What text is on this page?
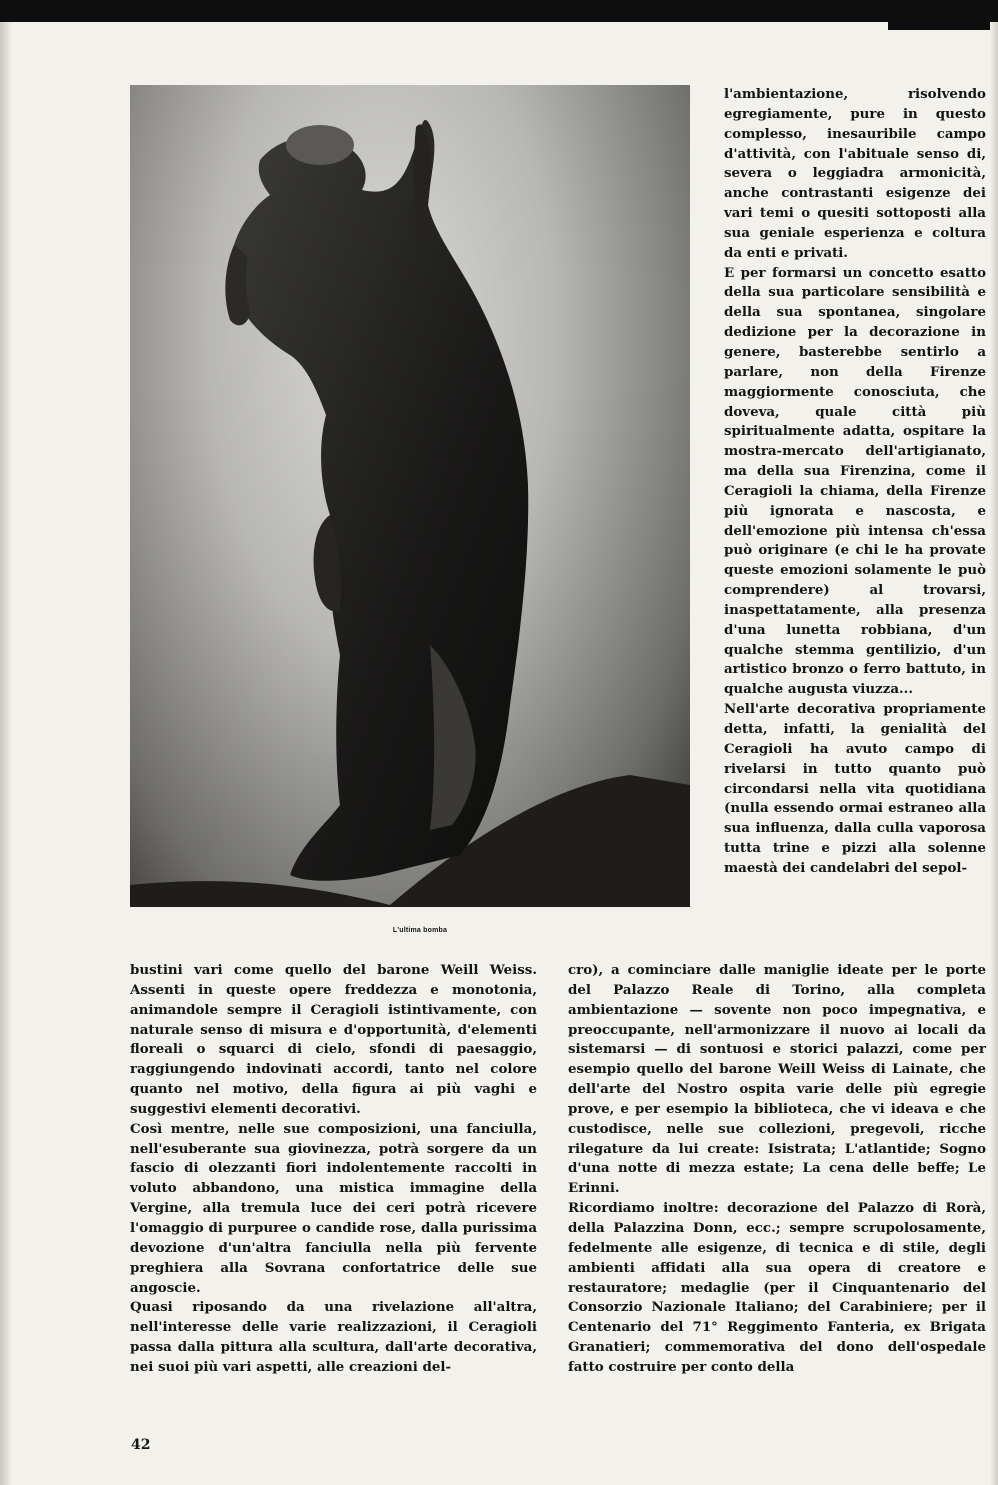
L'ultima bomba

l'ambientazione, risolvendo egregiamente, pure in questo complesso, inesauribile campo d'attività, con l'abituale senso di, severa o leggiadra armonicità, anche contrastanti esigenze dei vari temi o quesiti sottoposti alla sua geniale esperienza e coltura da enti e privati.

E per formarsi un concetto esatto della sua particolare sensibilità e della sua spontanea, singolare dedizione per la decorazione in genere, basterebbe sentirlo a parlare, non della Firenze maggiormente conosciuta, che doveva, quale città più spiritualmente adatta, ospitare la mostra-mercato dell'artigianato, ma della sua Firenzina, come il Ceragioli la chiama, della Firenze più ignorata e nascosta, e dell'emozione più intensa ch'essa può originare (e chi le ha provate queste emozioni solamente le può comprendere) al trovarsi, inaspettatamente, alla presenza d'una lunetta robbiana, d'un qualche stemma gentilizio, d'un artistico bronzo o ferro battuto, in qualche augusta viuzza...

Nell'arte decorativa propriamente detta, infatti, la genialità del Ceragioli ha avuto campo di rivelarsi in tutto quanto può circondarsi nella vita quotidiana (nulla essendo ormai estraneo alla sua influenza, dalla culla vaporosa tutta trine e pizzi alla solenne maestà dei candelabri del sepol-

bustini vari come quello del barone Weill Weiss. Assenti in queste opere freddezza e monotonia, animandole sempre il Ceragioli istintivamente, con naturale senso di misura e d'opportunità, d'elementi floreali o squarci di cielo, sfondi di paesaggio, raggiungendo indovinati accordi, tanto nel colore quanto nel motivo, della figura ai più vaghi e suggestivi elementi decorativi.

Così mentre, nelle sue composizioni, una fanciulla, nell'esuberante sua giovinezza, potrà sorgere da un fascio di olezzanti fiori indolentemente raccolti in voluto abbandono, una mistica immagine della Vergine, alla tremula luce dei ceri potrà ricevere l'omaggio di purpuree o candide rose, dalla purissima devozione d'un'altra fanciulla nella più fervente preghiera alla Sovrana confortatrice delle sue angoscie.

Quasi riposando da una rivelazione all'altra, nell'interesse delle varie realizzazioni, il Ceragioli passa dalla pittura alla scultura, dall'arte decorativa, nei suoi più vari aspetti, alle creazioni del-

cro), a cominciare dalle maniglie ideate per le porte del Palazzo Reale di Torino, alla completa ambientazione — sovente non poco impegnativa, e preoccupante, nell'armonizzare il nuovo ai locali da sistemarsi — di sontuosi e storici palazzi, come per esempio quello del barone Weill Weiss di Lainate, che dell'arte del Nostro ospita varie delle più egregie prove, e per esempio la biblioteca, che vi ideava e che custodisce, nelle sue collezioni, pregevoli, ricche rilegature da lui create: Isistrata; L'atlantide; Sogno d'una notte di mezza estate; La cena delle beffe; Le Erinni.

Ricordiamo inoltre: decorazione del Palazzo di Rorà, della Palazzina Donn, ecc.; sempre scrupolosamente, fedelmente alle esigenze, di tecnica e di stile, degli ambienti affidati alla sua opera di creatore e restauratore; medaglie (per il Cinquantenario del Consorzio Nazionale Italiano; del Carabiniere; per il Centenario del 71° Reggimento Fanteria, ex Brigata Granatieri; commemorativa del dono dell'ospedale fatto costruire per conto della

42
